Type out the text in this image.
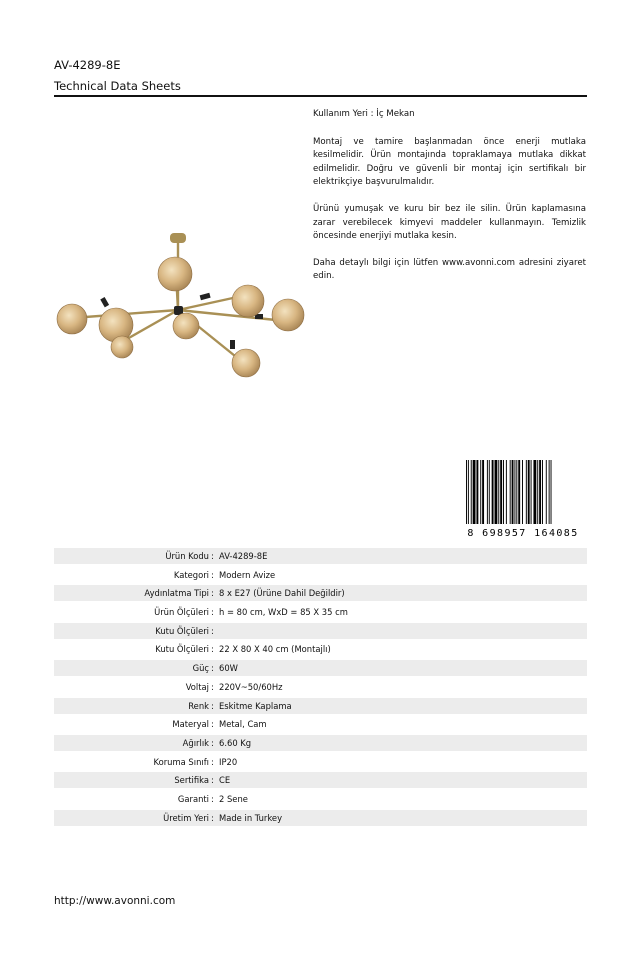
AV-4289-8E
Technical Data Sheets

Kullanım Yeri : İç Mekan

Montaj ve tamire başlanmadan önce enerji mutlaka kesilmelidir. Ürün montajında topraklamaya mutlaka dikkat edilmelidir. Doğru ve güvenli bir montaj için sertifikalı bir elektrikçiye başvurulmalıdır.

Ürünü yumuşak ve kuru bir bez ile silin. Ürün kaplamasına zarar verebilecek kimyevi maddeler kullanmayın. Temizlik öncesinde enerjiyi mutlaka kesin.

Daha detaylı bilgi için lütfen www.avonni.com adresini ziyaret edin.

8 698957 164085
Ürün Kodu : AV-4289-8E
Kategori : Modern Avize
Aydınlatma Tipi : 8 x E27 (Ürüne Dahil Değildir)
Ürün Ölçüleri : h = 80 cm, WxD = 85 X 35 cm
Kutu Ölçüleri :
Kutu Ölçüleri : 22 X 80 X 40 cm (Montajlı)
Güç : 60W
Voltaj : 220V~50/60Hz
Renk : Eskitme Kaplama
Materyal : Metal, Cam
Ağırlık : 6.60 Kg
Koruma Sınıfı : IP20
Sertifika : CE
Garanti : 2 Sene
Üretim Yeri : Made in Turkey
http://www.avonni.com
